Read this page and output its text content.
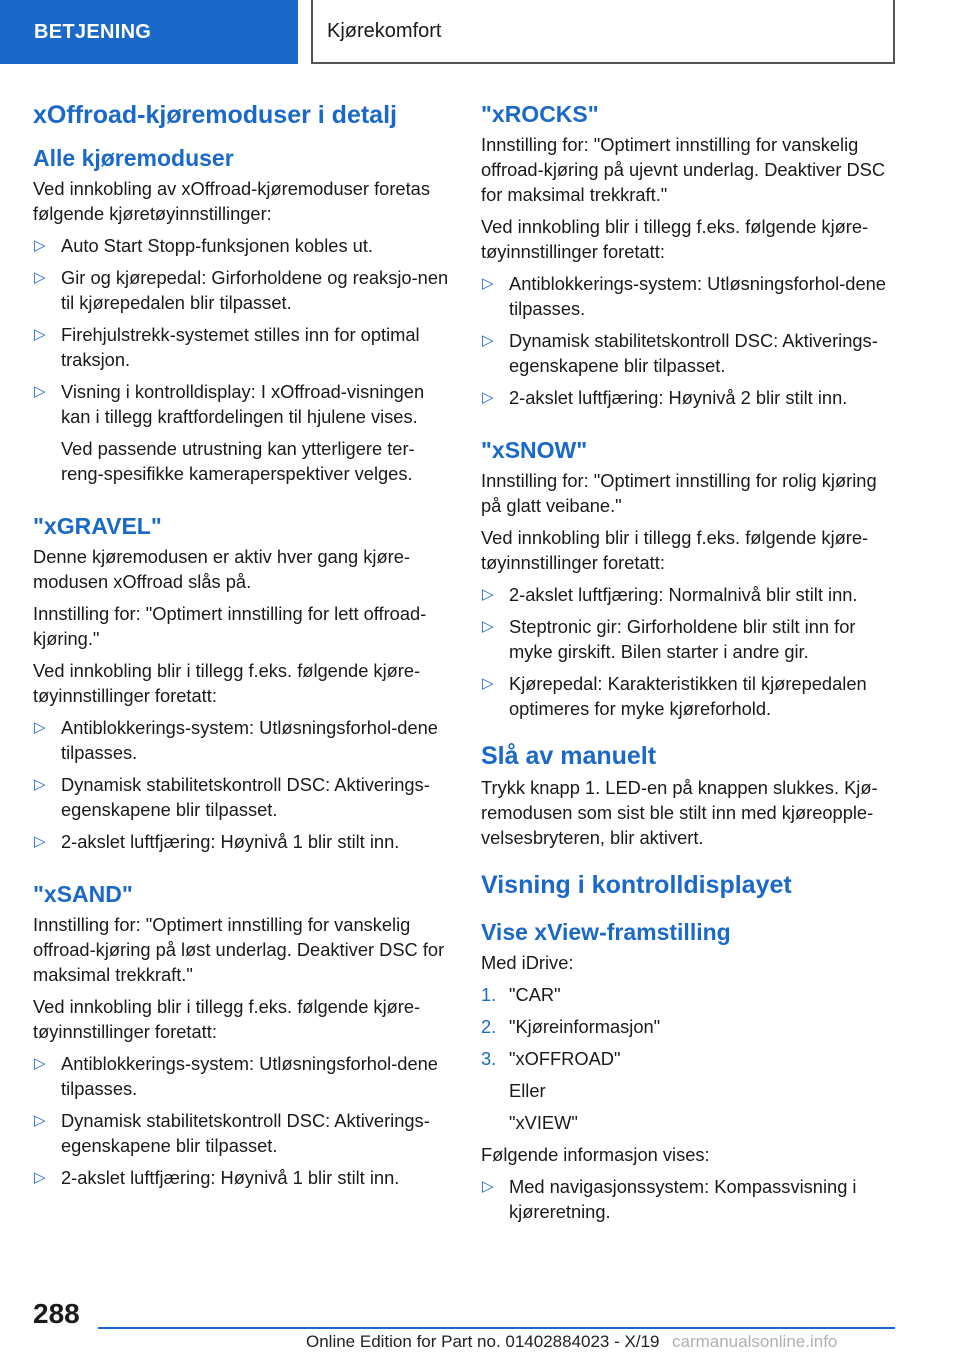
BETJENING	Kjørekomfort
xOffroad-kjøremoduser i detalj
Alle kjøremoduser

Ved innkobling av xOffroad-kjøremoduser foretas følgende kjøretøyinnstillinger:

▷ Auto Start Stopp-funksjonen kobles ut.
▷ Gir og kjørepedal: Girforholdene og reaksjo-nen til kjørepedalen blir tilpasset.
▷ Firehjulstrekk-systemet stilles inn for optimal traksjon.
▷ Visning i kontrolldisplay: I xOffroad-visningen kan i tillegg kraftfordelingen til hjulene vises.

Ved passende utrustning kan ytterligere ter-reng-spesifikke kameraperspektiver velges.

"xGRAVEL"

Denne kjøremodusen er aktiv hver gang kjøre-modusen xOffroad slås på.

Innstilling for: "Optimert innstilling for lett offroad-kjøring."

Ved innkobling blir i tillegg f.eks. følgende kjøre-tøyinnstillinger foretatt:

▷ Antiblokkerings-system: Utløsningsforhol-dene tilpasses.
▷ Dynamisk stabilitetskontroll DSC: Aktiverings-egenskapene blir tilpasset.
▷ 2-akslet luftfjæring: Høynivå 1 blir stilt inn.
"xSAND"

Innstilling for: "Optimert innstilling for vanskelig offroad-kjøring på løst underlag. Deaktiver DSC for maksimal trekkraft."

Ved innkobling blir i tillegg f.eks. følgende kjøre-tøyinnstillinger foretatt:

▷ Antiblokkerings-system: Utløsningsforhol-dene tilpasses.
▷ Dynamisk stabilitetskontroll DSC: Aktiverings-egenskapene blir tilpasset.
▷ 2-akslet luftfjæring: Høynivå 1 blir stilt inn.
"xROCKS"

Innstilling for: "Optimert innstilling for vanskelig offroad-kjøring på ujevnt underlag. Deaktiver DSC for maksimal trekkraft."

Ved innkobling blir i tillegg f.eks. følgende kjøre-tøyinnstillinger foretatt:

▷ Antiblokkerings-system: Utløsningsforhol-dene tilpasses.
▷ Dynamisk stabilitetskontroll DSC: Aktiverings-egenskapene blir tilpasset.
▷ 2-akslet luftfjæring: Høynivå 2 blir stilt inn.
"xSNOW"

Innstilling for: "Optimert innstilling for rolig kjøring på glatt veibane."

Ved innkobling blir i tillegg f.eks. følgende kjøre-tøyinnstillinger foretatt:

▷ 2-akslet luftfjæring: Normalnivå blir stilt inn.
▷ Steptronic gir: Girforholdene blir stilt inn for myke girskift. Bilen starter i andre gir.
▷ Kjørepedal: Karakteristikken til kjørepedalen optimeres for myke kjøreforhold.
Slå av manuelt

Trykk knapp 1. LED-en på knappen slukkes. Kjø-remodusen som sist ble stilt inn med kjøreopple-velsesbryteren, blir aktivert.

Visning i kontrolldisplayet
Vise xView-framstilling

Med iDrive:

1. "CAR"
2. "Kjøreinformasjon"
3. "xOFFROAD"

Eller

"xVIEW"

Følgende informasjon vises:

▷ Med navigasjonssystem: Kompassvisning i kjøreretning.
288
Online Edition for Part no. 01402884023 - X/19 carmanualsonline.info
